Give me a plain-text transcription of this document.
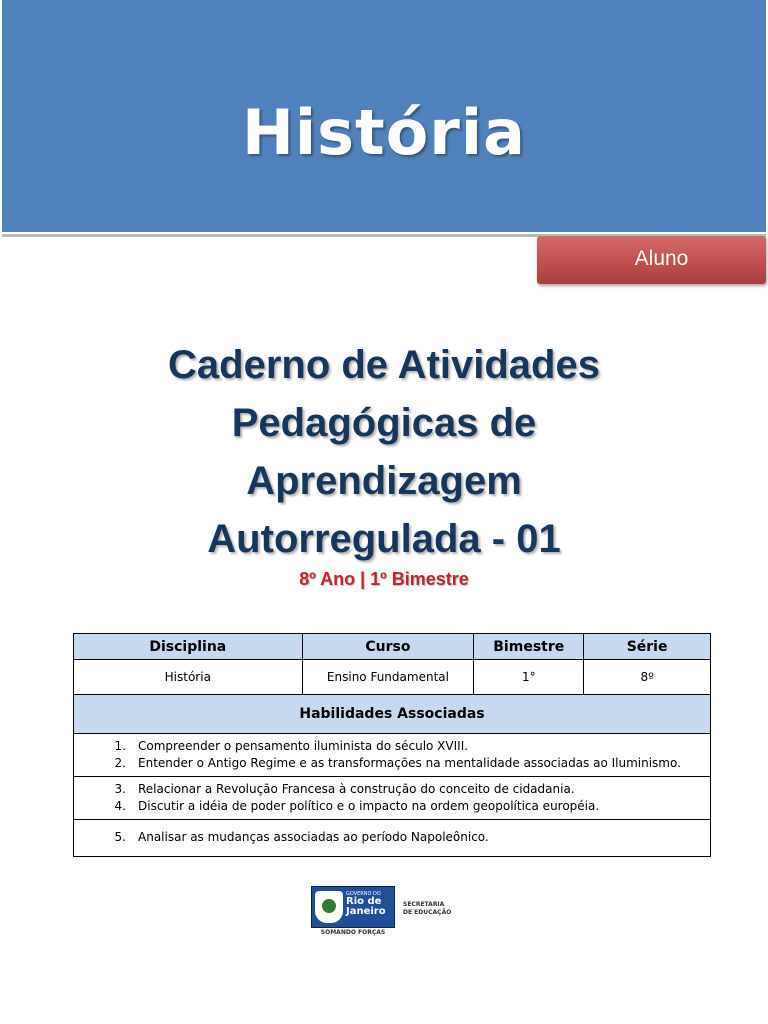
História
Aluno
Caderno de Atividades
Pedagógicas de
Aprendizagem
Autorregulada - 01
8º Ano | 1º Bimestre
Disciplina	Curso	Bimestre	Série
História	Ensino Fundamental	1°	8º
Habilidades Associadas			

1. Compreender o pensamento iluminista do século XVIII.
2. Entender o Antigo Regime e as transformações na mentalidade associadas ao Iluminismo.			

3. Relacionar a Revolução Francesa à construção do conceito de cidadania.
4. Discutir a idéia de poder político e o impacto na ordem geopolítica européia.			

5. Analisar as mudanças associadas ao período Napoleônico.			
GOVERNO DO
Rio de Janeiro
SOMANDO FORÇAS
SECRETARIA
DE EDUCAÇÃO
